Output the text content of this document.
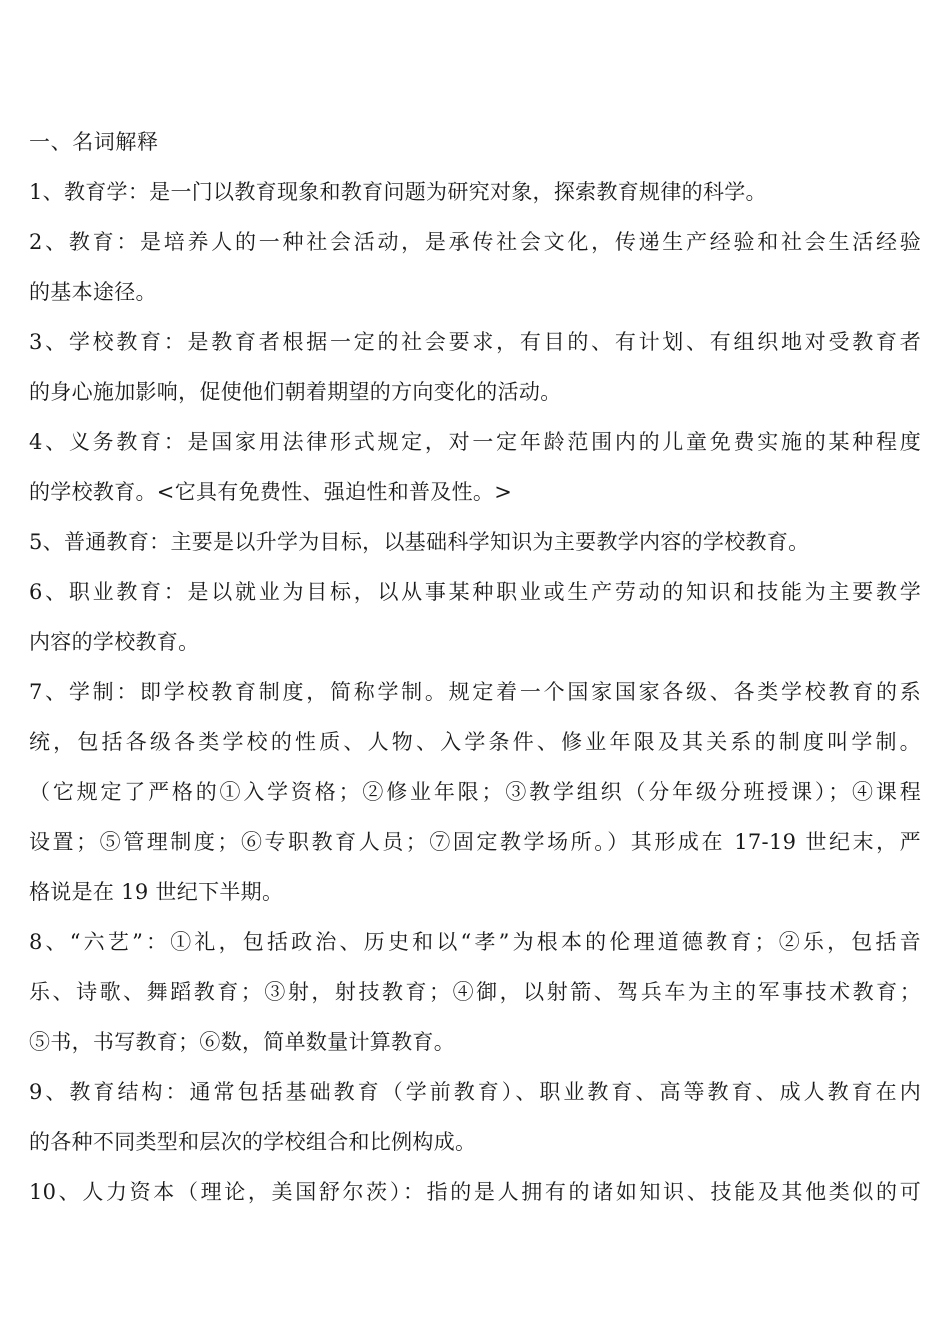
一、名词解释
1、教育学：是一门以教育现象和教育问题为研究对象，探索教育规律的科学。
2、教育：是培养人的一种社会活动，是承传社会文化，传递生产经验和社会生活经验
的基本途径。
3、学校教育：是教育者根据一定的社会要求，有目的、有计划、有组织地对受教育者
的身心施加影响，促使他们朝着期望的方向变化的活动。
4、义务教育：是国家用法律形式规定，对一定年龄范围内的儿童免费实施的某种程度
的学校教育。<它具有免费性、强迫性和普及性。>
5、普通教育：主要是以升学为目标，以基础科学知识为主要教学内容的学校教育。
6、职业教育：是以就业为目标，以从事某种职业或生产劳动的知识和技能为主要教学
内容的学校教育。
7、学制：即学校教育制度，简称学制。规定着一个国家国家各级、各类学校教育的系
统，包括各级各类学校的性质、人物、入学条件、修业年限及其关系的制度叫学制。
（它规定了严格的①入学资格；②修业年限；③教学组织（分年级分班授课）；④课程
设置；⑤管理制度；⑥专职教育人员；⑦固定教学场所。）其形成在 17-19 世纪末，严
格说是在 19 世纪下半期。
8、“六艺”：①礼，包括政治、历史和以“孝”为根本的伦理道德教育；②乐，包括音
乐、诗歌、舞蹈教育；③射，射技教育；④御，以射箭、驾兵车为主的军事技术教育；
⑤书，书写教育；⑥数，简单数量计算教育。
9、教育结构：通常包括基础教育（学前教育）、职业教育、高等教育、成人教育在内
的各种不同类型和层次的学校组合和比例构成。
10、人力资本（理论，美国舒尔茨）：指的是人拥有的诸如知识、技能及其他类似的可
